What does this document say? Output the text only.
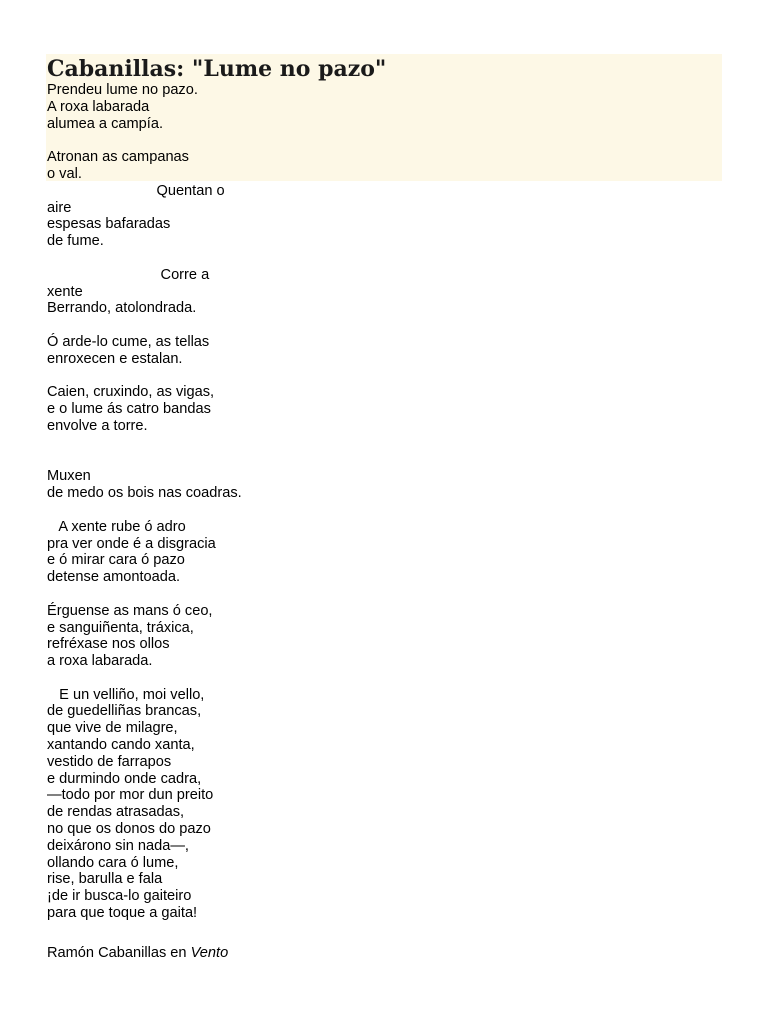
Cabanillas: "Lume no pazo"
Prendeu lume no pazo.
A roxa labarada
alumea a campía.
Atronan as campanas
o val.
Quentan o
aire
espesas bafaradas
de fume.
Corre a
xente
Berrando, atolondrada.
Ó arde-lo cume, as tellas
enroxecen e estalan.
Caien, cruxindo, as vigas,
e o lume ás catro bandas
envolve a torre.
Muxen
de medo os bois nas coadras.
A xente rube ó adro
pra ver onde é a disgracia
e ó mirar cara ó pazo
detense amontoada.
Érguense as mans ó ceo,
e sanguiñenta, tráxica,
refréxase nos ollos
a roxa labarada.
E un velliño, moi vello,
de guedelliñas brancas,
que vive de milagre,
xantando cando xanta,
vestido de farrapos
e durmindo onde cadra,
—todo por mor dun preito
de rendas atrasadas,
no que os donos do pazo
deixárono sin nada—,
ollando cara ó lume,
rise, barulla e fala
¡de ir busca-lo gaiteiro
para que toque a gaita!
Ramón Cabanillas en Vento
